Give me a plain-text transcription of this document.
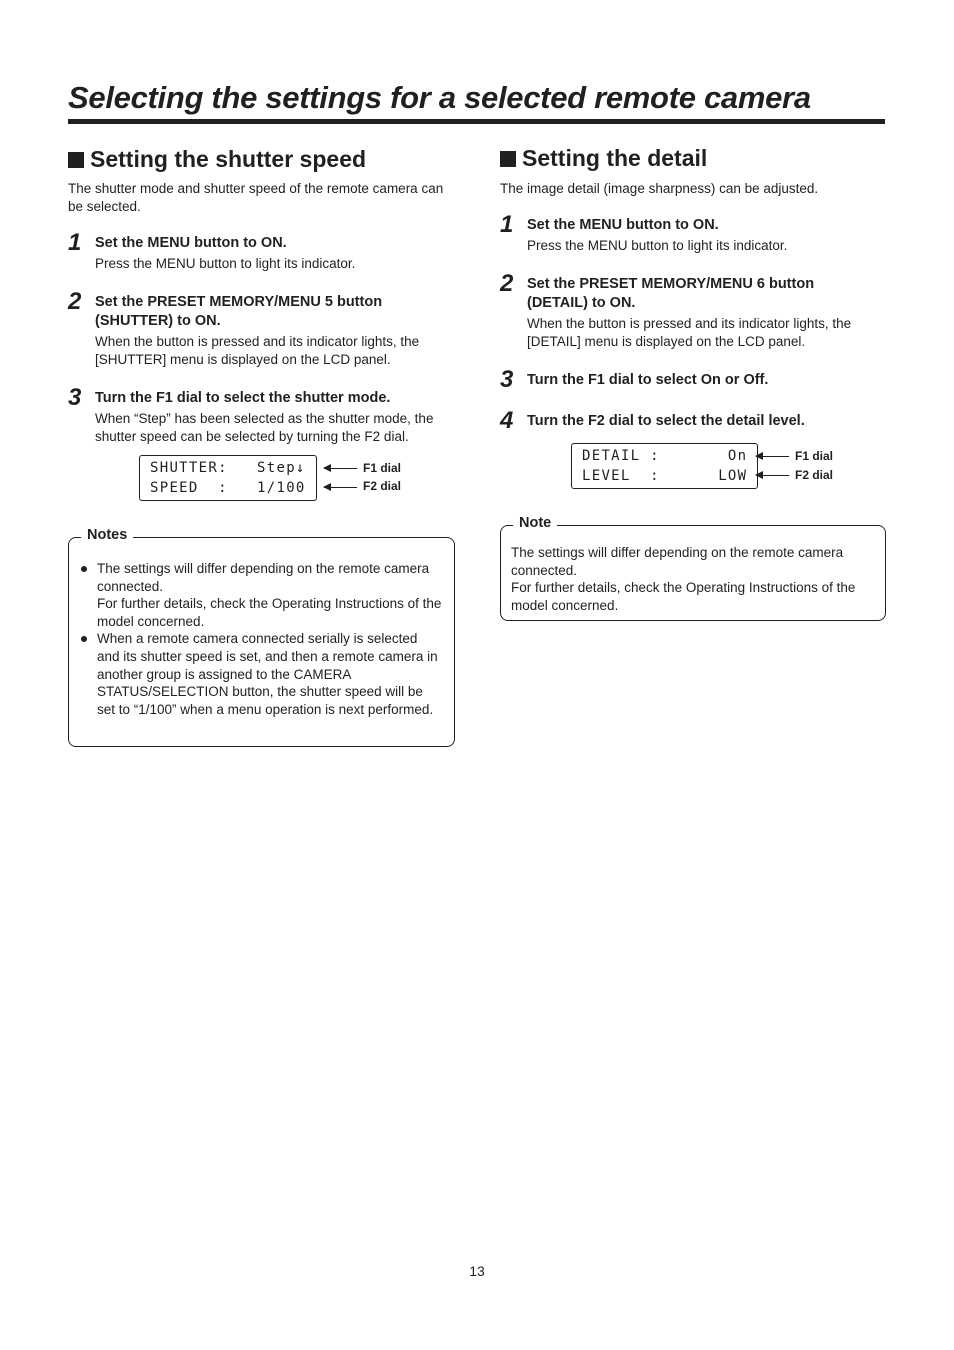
Selecting the settings for a selected remote camera
Setting the shutter speed

The shutter mode and shutter speed of the remote camera can be selected.

1 Set the MENU button to ON.
Press the MENU button to light its indicator.
2 Set the PRESET MEMORY/MENU 5 button (SHUTTER) to ON.
When the button is pressed and its indicator lights, the [SHUTTER] menu is displayed on the LCD panel.
3 Turn the F1 dial to select the shutter mode.
When “Step” has been selected as the shutter mode, the shutter speed can be selected by turning the F2 dial.
SHUTTER:   Step↓
SPEED  :   1/100
F1 dial
F2 dial
Notes
The settings will differ depending on the remote camera connected.
For further details, check the Operating Instructions of the model concerned.
When a remote camera connected serially is selected and its shutter speed is set, and then a remote camera in another group is assigned to the CAMERA STATUS/SELECTION button, the shutter speed will be set to “1/100” when a menu operation is next performed.
Setting the detail

The image detail (image sharpness) can be adjusted.

1 Set the MENU button to ON.
Press the MENU button to light its indicator.
2 Set the PRESET MEMORY/MENU 6 button (DETAIL) to ON.
When the button is pressed and its indicator lights, the [DETAIL] menu is displayed on the LCD panel.
3 Turn the F1 dial to select On or Off.
4 Turn the F2 dial to select the detail level.
DETAIL :       On
LEVEL  :      LOW
F1 dial
F2 dial
Note
The settings will differ depending on the remote camera connected.
For further details, check the Operating Instructions of the model concerned.
13
